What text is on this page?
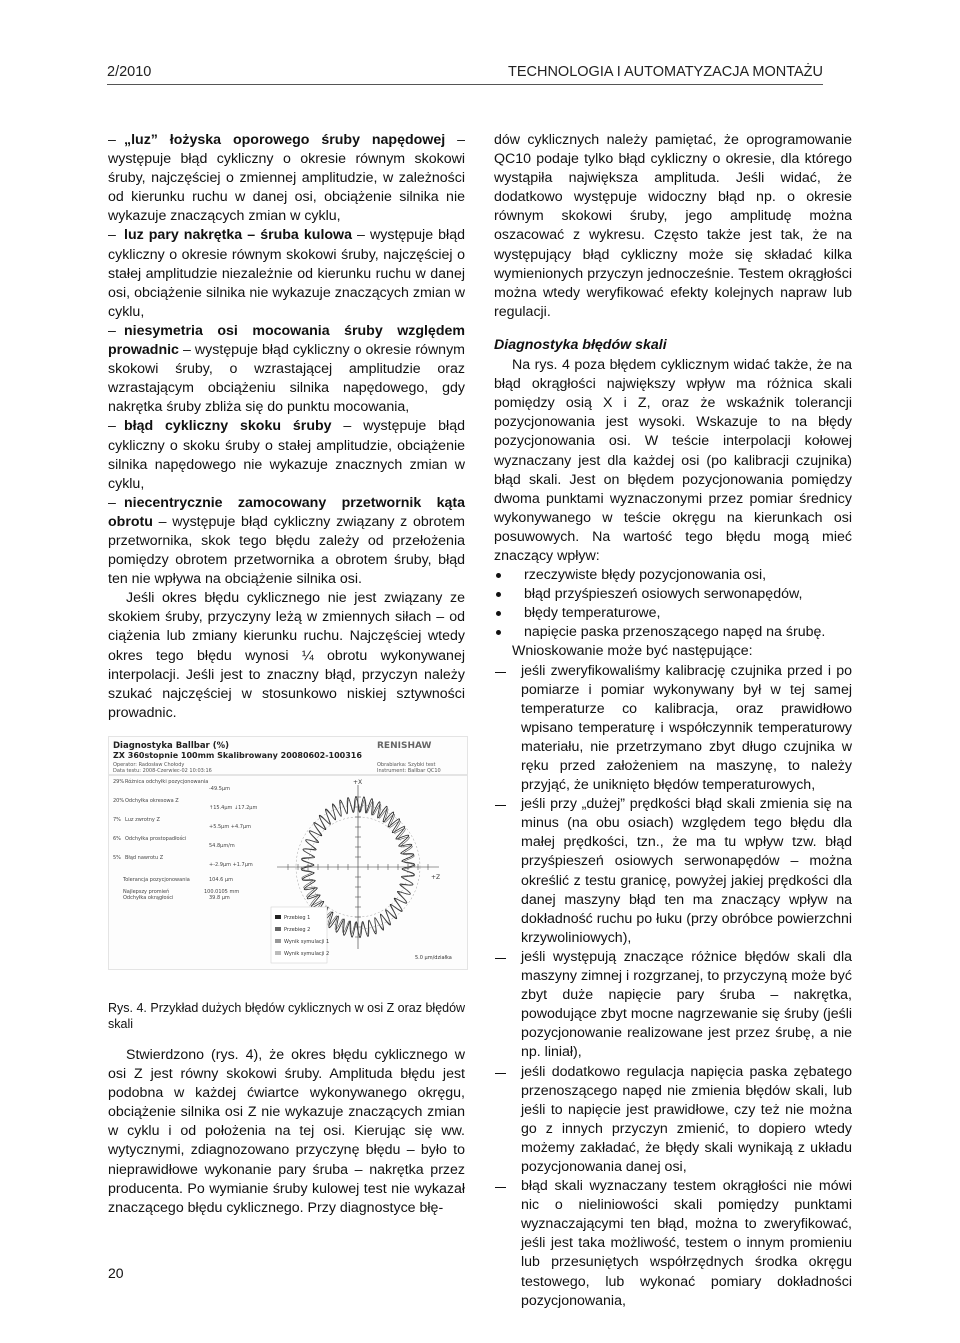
2/2010	TECHNOLOGIA I AUTOMATYZACJA MONTAŻU

– „luz” łożyska oporowego śruby napędowej – występuje błąd cykliczny o okresie równym skokowi śruby, najczęściej o zmiennej amplitudzie, w zależności od kierunku ruchu w danej osi, obciążenie silnika nie wykazuje znaczących zmian w cyklu,

– luz pary nakrętka – śruba kulowa – występuje błąd cykliczny o okresie równym skokowi śruby, najczęściej o stałej amplitudzie niezależnie od kierunku ruchu w danej osi, obciążenie silnika nie wykazuje znaczących zmian w cyklu,

– niesymetria osi mocowania śruby względem prowadnic – występuje błąd cykliczny o okresie równym skokowi śruby, o wzrastającej amplitudzie oraz wzrastającym obciążeniu silnika napędowego, gdy nakrętka śruby zbliża się do punktu mocowania,

– błąd cykliczny skoku śruby – występuje błąd cykliczny o skoku śruby o stałej amplitudzie, obciążenie silnika napędowego nie wykazuje znacznych zmian w cyklu,

– niecentrycznie zamocowany przetwornik kąta obrotu – występuje błąd cykliczny związany z obrotem przetwornika, skok tego błędu zależy od przełożenia pomiędzy obrotem przetwornika a obrotem śruby, błąd ten nie wpływa na obciążenie silnika osi.

Jeśli okres błędu cyklicznego nie jest związany ze skokiem śruby, przyczyny leżą w zmiennych siłach – od ciążenia lub zmiany kierunku ruchu. Najczęściej wtedy okres tego błędu wynosi ¼ obrotu wykonywanej interpolacji. Jeśli jest to znaczny błąd, przyczyn należy szukać najczęściej w stosunkowo niskiej sztywności prowadnic.

Diagnostyka Ballbar (%)
ZX 360stopnie 100mm Skalibrowany 20080602-100316
Operator: Radosław Chołody
Data testu: 2008-Czerwiec-02 10:03:16
RENISHAW
Obrabiarka: Szybki test
Instrument: Ballbar QC10
29% Różnica odchyłki pozycjonowania
-49.5μm
20% Odchyłka okresowa Z
↑15.4μm ↓17.2μm
7% Luz zwrotny Z
+5.5μm +4.7μm
6% Odchyłka prostopadłości
54.8μm/m
5% Błąd nawrotu Z
+-2.9μm +1.7μm
Tolerancja pozycjonowania	104.6 μm
Najlepszy promień	100.0105 mm
Odchyłka okrągłości	39.8 μm
+X
+Z
Przebieg 1
Przebieg 2
Wynik symulacji 1
Wynik symulacji 2
5.0 μm/działka
Rys. 4. Przykład dużych błędów cyklicznych w osi Z oraz błędów skali

Stwierdzono (rys. 4), że okres błędu cyklicznego w osi Z jest równy skokowi śruby. Amplituda błędu jest podobna w każdej ćwiartce wykonywanego okręgu, obciążenie silnika osi Z nie wykazuje znaczących zmian w cyklu i od położenia na tej osi. Kierując się ww. wytycznymi, zdiagnozowano przyczynę błędu – było to nieprawidłowe wykonanie pary śruba – nakrętka przez producenta. Po wymianie śruby kulowej test nie wykazał znaczącego błędu cyklicznego. Przy diagnostyce błę-

dów cyklicznych należy pamiętać, że oprogramowanie QC10 podaje tylko błąd cykliczny o okresie, dla którego wystąpiła największa amplituda. Jeśli widać, że dodatkowo występuje widoczny błąd np. o okresie równym skokowi śruby, jego amplitudę można oszacować z wykresu. Często także jest tak, że na występujący błąd cykliczny może się składać kilka wymienionych przyczyn jednocześnie. Testem okrągłości można wtedy weryfikować efekty kolejnych napraw lub regulacji.

Diagnostyka błędów skali

Na rys. 4 poza błędem cyklicznym widać także, że na błąd okrągłości największy wpływ ma różnica skali pomiędzy osią X i Z, oraz że wskaźnik tolerancji pozycjonowania jest wysoki. Wskazuje to na błędy pozycjonowania osi. W teście interpolacji kołowej wyznaczany jest dla każdej osi (po kalibracji czujnika) błąd skali. Jest on błędem pozycjonowania pomiędzy dwoma punktami wyznaczonymi przez pomiar średnicy wykonywanego w teście okręgu na kierunkach osi posuwowych. Na wartość tego błędu mogą mieć znaczący wpływ:

rzeczywiste błędy pozycjonowania osi,
błąd przyśpieszeń osiowych serwonapędów,
błędy temperaturowe,
napięcie paska przenoszącego napęd na śrubę.

Wnioskowanie może być następujące:

jeśli zweryfikowaliśmy kalibrację czujnika przed i po pomiarze i pomiar wykonywany był w tej samej temperaturze co kalibracja, oraz prawidłowo wpisano temperaturę i współczynnik temperaturowy materiału, nie przetrzymano zbyt długo czujnika w ręku przed założeniem na maszynę, to należy przyjąć, że uniknięto błędów temperaturowych,
jeśli przy „dużej” prędkości błąd skali zmienia się na minus (na obu osiach) względem tego błędu dla małej prędkości, tzn., że ma tu wpływ tzw. błąd przyśpieszeń osiowych serwonapędów – można określić z testu granicę, powyżej jakiej prędkości dla danej maszyny błąd ten ma znaczący wpływ na dokładność ruchu po łuku (przy obróbce powierzchni krzywoliniowych),
jeśli występują znaczące różnice błędów skali dla maszyny zimnej i rozgrzanej, to przyczyną może być zbyt duże napięcie pary śruba – nakrętka, powodujące zbyt mocne nagrzewanie się śruby (jeśli pozycjonowanie realizowane jest przez śrubę, a nie np. liniał),
jeśli dodatkowo regulacja napięcia paska zębatego przenoszącego napęd nie zmienia błędów skali, lub jeśli to napięcie jest prawidłowe, czy też nie można go z innych przyczyn zmienić, to dopiero wtedy możemy zakładać, że błędy skali wynikają z układu pozycjonowania danej osi,
błąd skali wyznaczany testem okrągłości nie mówi nic o nieliniowości skali pomiędzy punktami wyznaczającymi ten błąd, można to zweryfikować, jeśli jest taka możliwość, testem o innym promieniu lub przesuniętych współrzędnych środka okręgu testowego, lub wykonać pomiary dokładności pozycjonowania,
20
